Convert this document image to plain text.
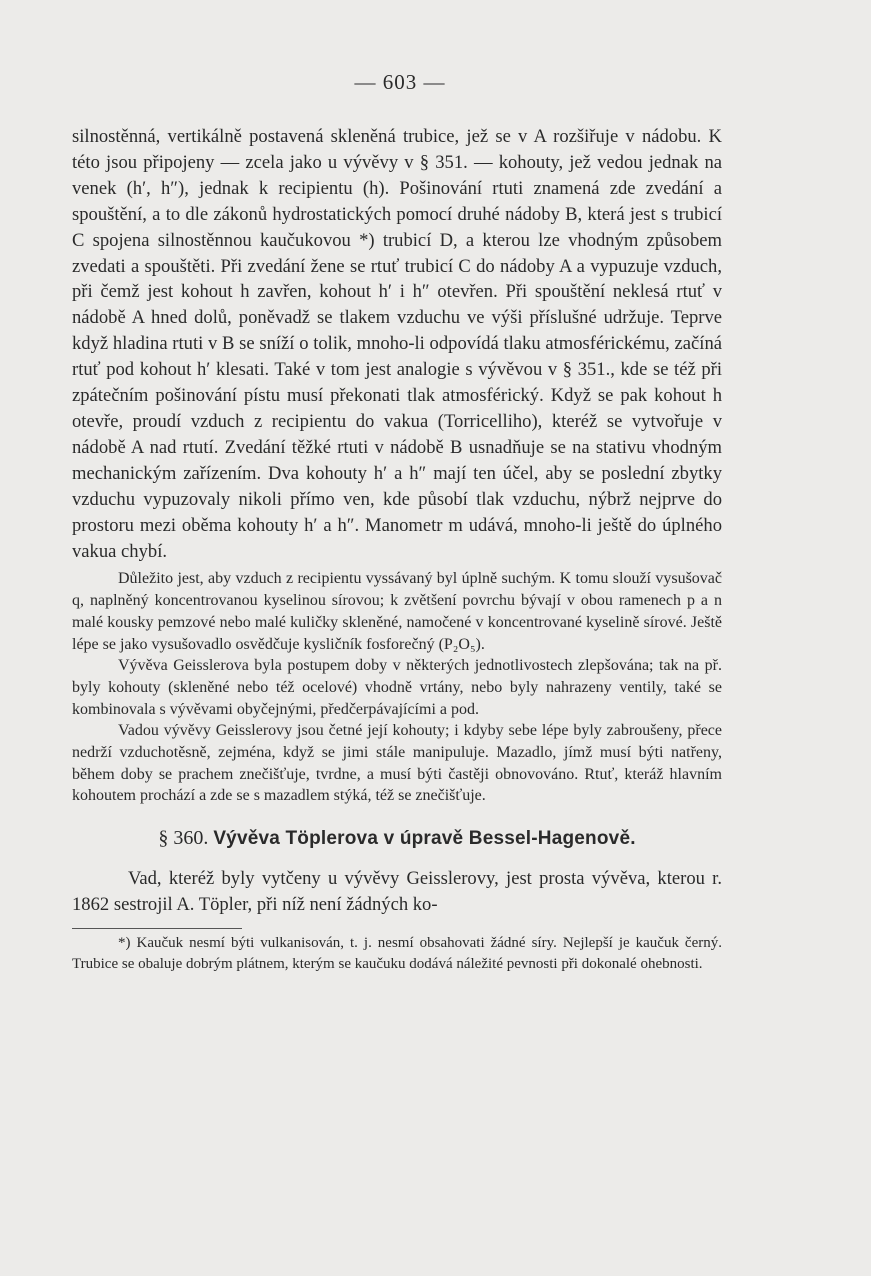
— 603 —

silnostěnná, vertikálně postavená skleněná trubice, jež se v A rozšiřuje v nádobu. K této jsou připojeny — zcela jako u vývěvy v § 351. — kohouty, jež vedou jednak na venek (h′, h″), jednak k recipientu (h). Pošinování rtuti znamená zde zvedání a spouštění, a to dle zákonů hydrostatických pomocí druhé nádoby B, která jest s trubicí C spojena silnostěnnou kaučukovou *) trubicí D, a kterou lze vhodným způsobem zvedati a spouštěti. Při zvedání žene se rtuť trubicí C do nádoby A a vypuzuje vzduch, při čemž jest kohout h zavřen, kohout h′ i h″ otevřen. Při spouštění neklesá rtuť v nádobě A hned dolů, poněvadž se tlakem vzduchu ve výši příslušné udržuje. Teprve když hladina rtuti v B se sníží o tolik, mnoho-li odpovídá tlaku atmosférickému, začíná rtuť pod kohout h′ klesati. Také v tom jest analogie s vývěvou v § 351., kde se též při zpátečním pošinování pístu musí překonati tlak atmosférický. Když se pak kohout h otevře, proudí vzduch z recipientu do vakua (Torricelliho), kteréž se vytvořuje v nádobě A nad rtutí. Zvedání těžké rtuti v nádobě B usnadňuje se na stativu vhodným mechanickým zařízením. Dva kohouty h′ a h″ mají ten účel, aby se poslední zbytky vzduchu vypuzovaly nikoli přímo ven, kde působí tlak vzduchu, nýbrž nejprve do prostoru mezi oběma kohouty h′ a h″. Manometr m udává, mnoho-li ještě do úplného vakua chybí.

Důležito jest, aby vzduch z recipientu vyssávaný byl úplně suchým. K tomu slouží vysušovač q, naplněný koncentrovanou kyselinou sírovou; k zvětšení povrchu bývají v obou ramenech p a n malé kousky pemzové nebo malé kuličky skleněné, namočené v koncentrované kyselině sírové. Ještě lépe se jako vysušovadlo osvědčuje kysličník fosforečný (P₂O₅).

Vývěva Geisslerova byla postupem doby v některých jednotlivostech zlepšována; tak na př. byly kohouty (skleněné nebo též ocelové) vhodně vrtány, nebo byly nahrazeny ventily, také se kombinovala s vývěvami obyčejnými, předčerpávajícími a pod.

Vadou vývěvy Geisslerovy jsou četné její kohouty; i kdyby sebe lépe byly zabroušeny, přece nedrží vzduchotěsně, zejména, když se jimi stále manipuluje. Mazadlo, jímž musí býti natřeny, během doby se prachem znečišťuje, tvrdne, a musí býti častěji obnovováno. Rtuť, kteráž hlavním kohoutem prochází a zde se s mazadlem stýká, též se znečišťuje.

§ 360. Vývěva Töplerova v úpravě Bessel-Hagenově.

Vad, kteréž byly vytčeny u vývěvy Geisslerovy, jest prosta vývěva, kterou r. 1862 sestrojil A. Töpler, při níž není žádných ko-

*) Kaučuk nesmí býti vulkanisován, t. j. nesmí obsahovati žádné síry. Nejlepší je kaučuk černý. Trubice se obaluje dobrým plátnem, kterým se kaučuku dodává náležité pevnosti při dokonalé ohebnosti.
